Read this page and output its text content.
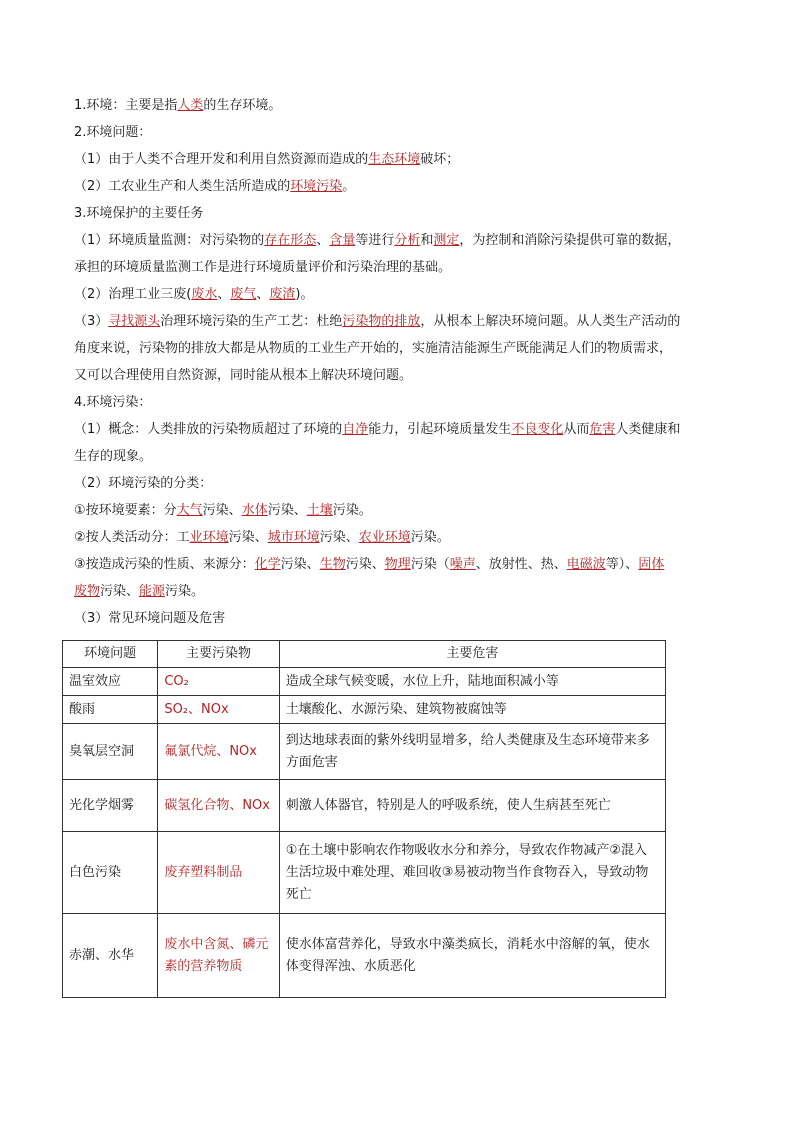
1.环境：主要是指人类的生存环境。

2.环境问题：

（1）由于人类不合理开发和利用自然资源而造成的生态环境破坏；

（2）工农业生产和人类生活所造成的环境污染。

3.环境保护的主要任务

（1）环境质量监测：对污染物的存在形态、含量等进行分析和测定，为控制和消除污染提供可靠的数据，

承担的环境质量监测工作是进行环境质量评价和污染治理的基础。

（2）治理工业三废(废水、废气、废渣)。

（3）寻找源头治理环境污染的生产工艺：杜绝污染物的排放，从根本上解决环境问题。从人类生产活动的

角度来说，污染物的排放大都是从物质的工业生产开始的，实施清洁能源生产既能满足人们的物质需求，

又可以合理使用自然资源，同时能从根本上解决环境问题。

4.环境污染：

（1）概念：人类排放的污染物质超过了环境的自净能力，引起环境质量发生不良变化从而危害人类健康和

生存的现象。

（2）环境污染的分类：

①按环境要素：分大气污染、水体污染、土壤污染。

②按人类活动分：工业环境污染、城市环境污染、农业环境污染。

③按造成污染的性质、来源分：化学污染、生物污染、物理污染（噪声、放射性、热、电磁波等）、固体

废物污染、能源污染。

（3）常见环境问题及危害

环境问题	主要污染物	主要危害
温室效应	CO₂	造成全球气候变暖，水位上升，陆地面积减小等
酸雨	SO₂、NOx	土壤酸化、水源污染、建筑物被腐蚀等
臭氧层空洞	氟氯代烷、NOx	到达地球表面的紫外线明显增多，给人类健康及生态环境带来多方面危害
光化学烟雾	碳氢化合物、NOx	刺激人体器官，特别是人的呼吸系统，使人生病甚至死亡
白色污染	废弃塑料制品	①在土壤中影响农作物吸收水分和养分，导致农作物减产②混入生活垃圾中难处理、难回收③易被动物当作食物吞入，导致动物死亡
赤潮、水华	废水中含氮、磷元素的营养物质	使水体富营养化，导致水中藻类疯长，消耗水中溶解的氧，使水体变得浑浊、水质恶化
